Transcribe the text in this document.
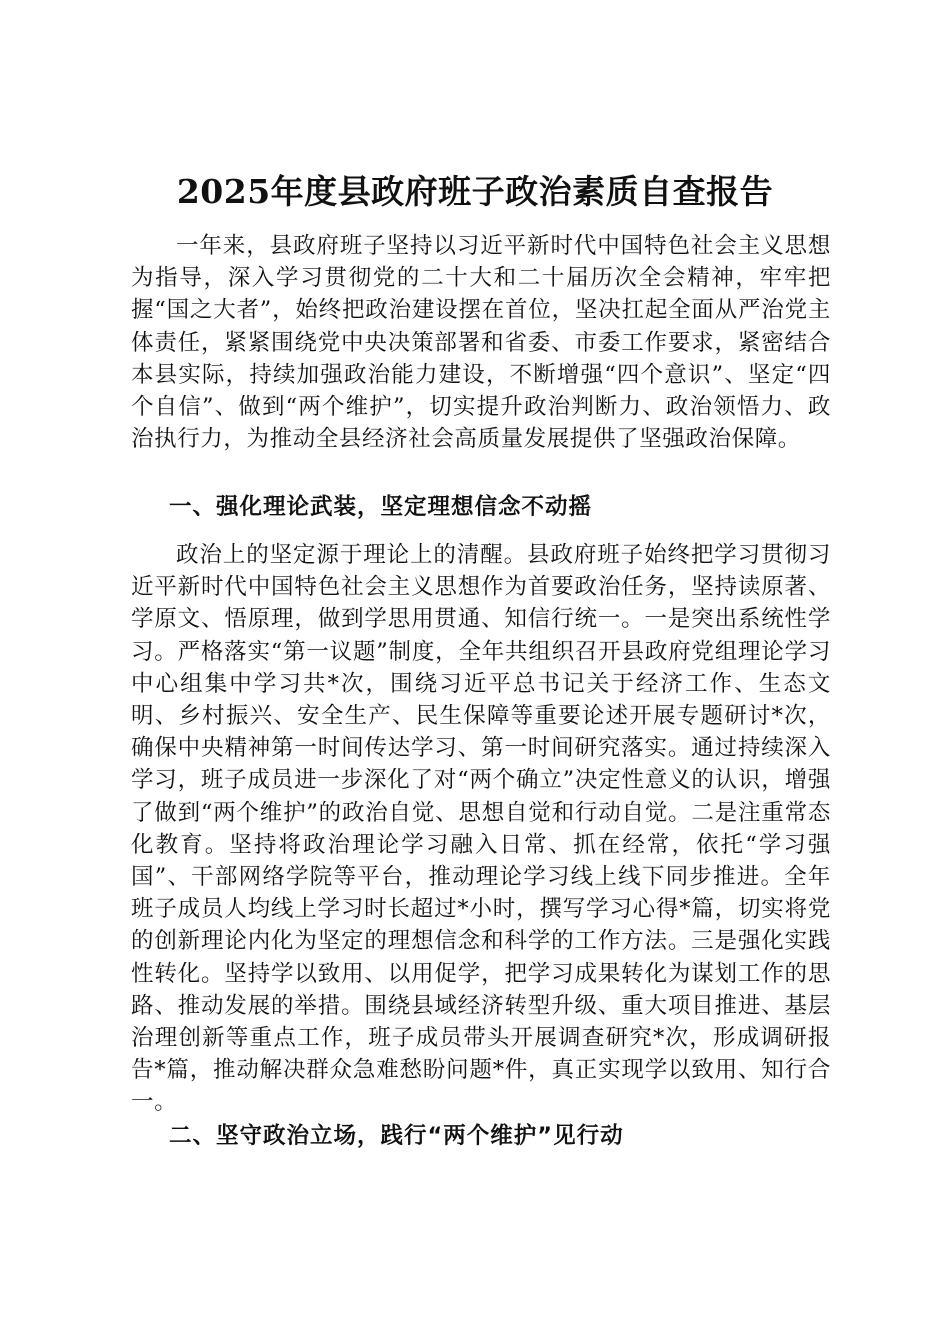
2025年度县政府班子政治素质自查报告

一年来，县政府班子坚持以习近平新时代中国特色社会主义思想为指导，深入学习贯彻党的二十大和二十届历次全会精神，牢牢把握“国之大者”，始终把政治建设摆在首位，坚决扛起全面从严治党主体责任，紧紧围绕党中央决策部署和省委、市委工作要求，紧密结合本县实际，持续加强政治能力建设，不断增强“四个意识”、坚定“四个自信”、做到“两个维护”，切实提升政治判断力、政治领悟力、政治执行力，为推动全县经济社会高质量发展提供了坚强政治保障。

一、强化理论武装，坚定理想信念不动摇

政治上的坚定源于理论上的清醒。县政府班子始终把学习贯彻习近平新时代中国特色社会主义思想作为首要政治任务，坚持读原著、学原文、悟原理，做到学思用贯通、知信行统一。一是突出系统性学习。严格落实“第一议题”制度，全年共组织召开县政府党组理论学习中心组集中学习共*次，围绕习近平总书记关于经济工作、生态文明、乡村振兴、安全生产、民生保障等重要论述开展专题研讨*次，确保中央精神第一时间传达学习、第一时间研究落实。通过持续深入学习，班子成员进一步深化了对“两个确立”决定性意义的认识，增强了做到“两个维护”的政治自觉、思想自觉和行动自觉。二是注重常态化教育。坚持将政治理论学习融入日常、抓在经常，依托“学习强国”、干部网络学院等平台，推动理论学习线上线下同步推进。全年班子成员人均线上学习时长超过*小时，撰写学习心得*篇，切实将党的创新理论内化为坚定的理想信念和科学的工作方法。三是强化实践性转化。坚持学以致用、以用促学，把学习成果转化为谋划工作的思路、推动发展的举措。围绕县域经济转型升级、重大项目推进、基层治理创新等重点工作，班子成员带头开展调查研究*次，形成调研报告*篇，推动解决群众急难愁盼问题*件，真正实现学以致用、知行合一。

二、坚守政治立场，践行“两个维护”见行动
